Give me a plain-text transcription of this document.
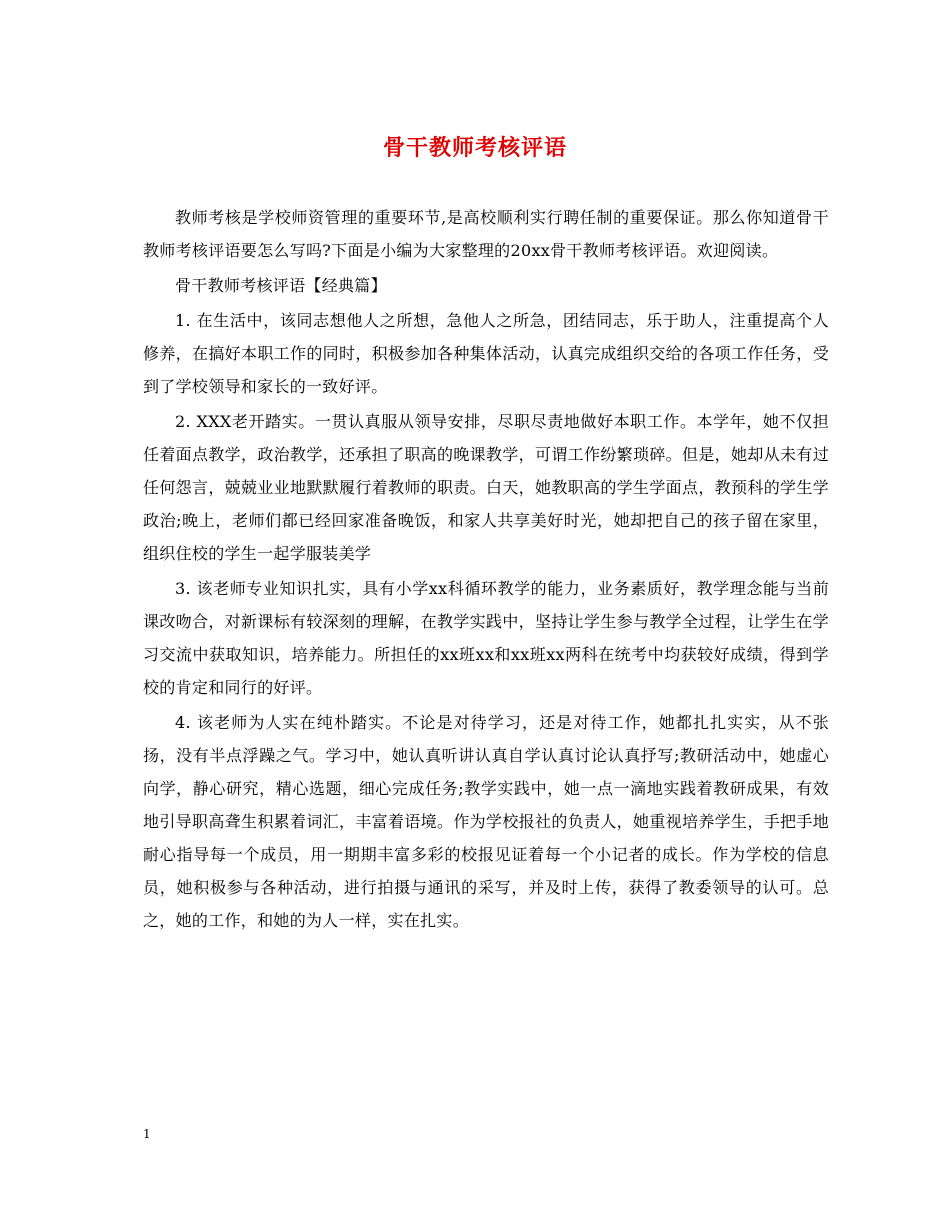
骨干教师考核评语

教师考核是学校师资管理的重要环节,是高校顺利实行聘任制的重要保证。那么你知道骨干教师考核评语要怎么写吗?下面是小编为大家整理的20xx骨干教师考核评语。欢迎阅读。

骨干教师考核评语【经典篇】

1. 在生活中，该同志想他人之所想，急他人之所急，团结同志，乐于助人，注重提高个人修养，在搞好本职工作的同时，积极参加各种集体活动，认真完成组织交给的各项工作任务，受到了学校领导和家长的一致好评。

2. XXX老开踏实。一贯认真服从领导安排，尽职尽责地做好本职工作。本学年，她不仅担任着面点教学，政治教学，还承担了职高的晚课教学，可谓工作纷繁琐碎。但是，她却从未有过任何怨言，兢兢业业地默默履行着教师的职责。白天，她教职高的学生学面点，教预科的学生学政治;晚上，老师们都已经回家准备晚饭，和家人共享美好时光，她却把自己的孩子留在家里，组织住校的学生一起学服装美学

3. 该老师专业知识扎实，具有小学xx科循环教学的能力，业务素质好，教学理念能与当前课改吻合，对新课标有较深刻的理解，在教学实践中，坚持让学生参与教学全过程，让学生在学习交流中获取知识，培养能力。所担任的xx班xx和xx班xx两科在统考中均获较好成绩，得到学校的肯定和同行的好评。

4. 该老师为人实在纯朴踏实。不论是对待学习，还是对待工作，她都扎扎实实，从不张扬，没有半点浮躁之气。学习中，她认真听讲认真自学认真讨论认真抒写;教研活动中，她虚心向学，静心研究，精心选题，细心完成任务;教学实践中，她一点一滴地实践着教研成果，有效地引导职高聋生积累着词汇，丰富着语境。作为学校报社的负责人，她重视培养学生，手把手地耐心指导每一个成员，用一期期丰富多彩的校报见证着每一个小记者的成长。作为学校的信息员，她积极参与各种活动，进行拍摄与通讯的采写，并及时上传，获得了教委领导的认可。总之，她的工作，和她的为人一样，实在扎实。

1
